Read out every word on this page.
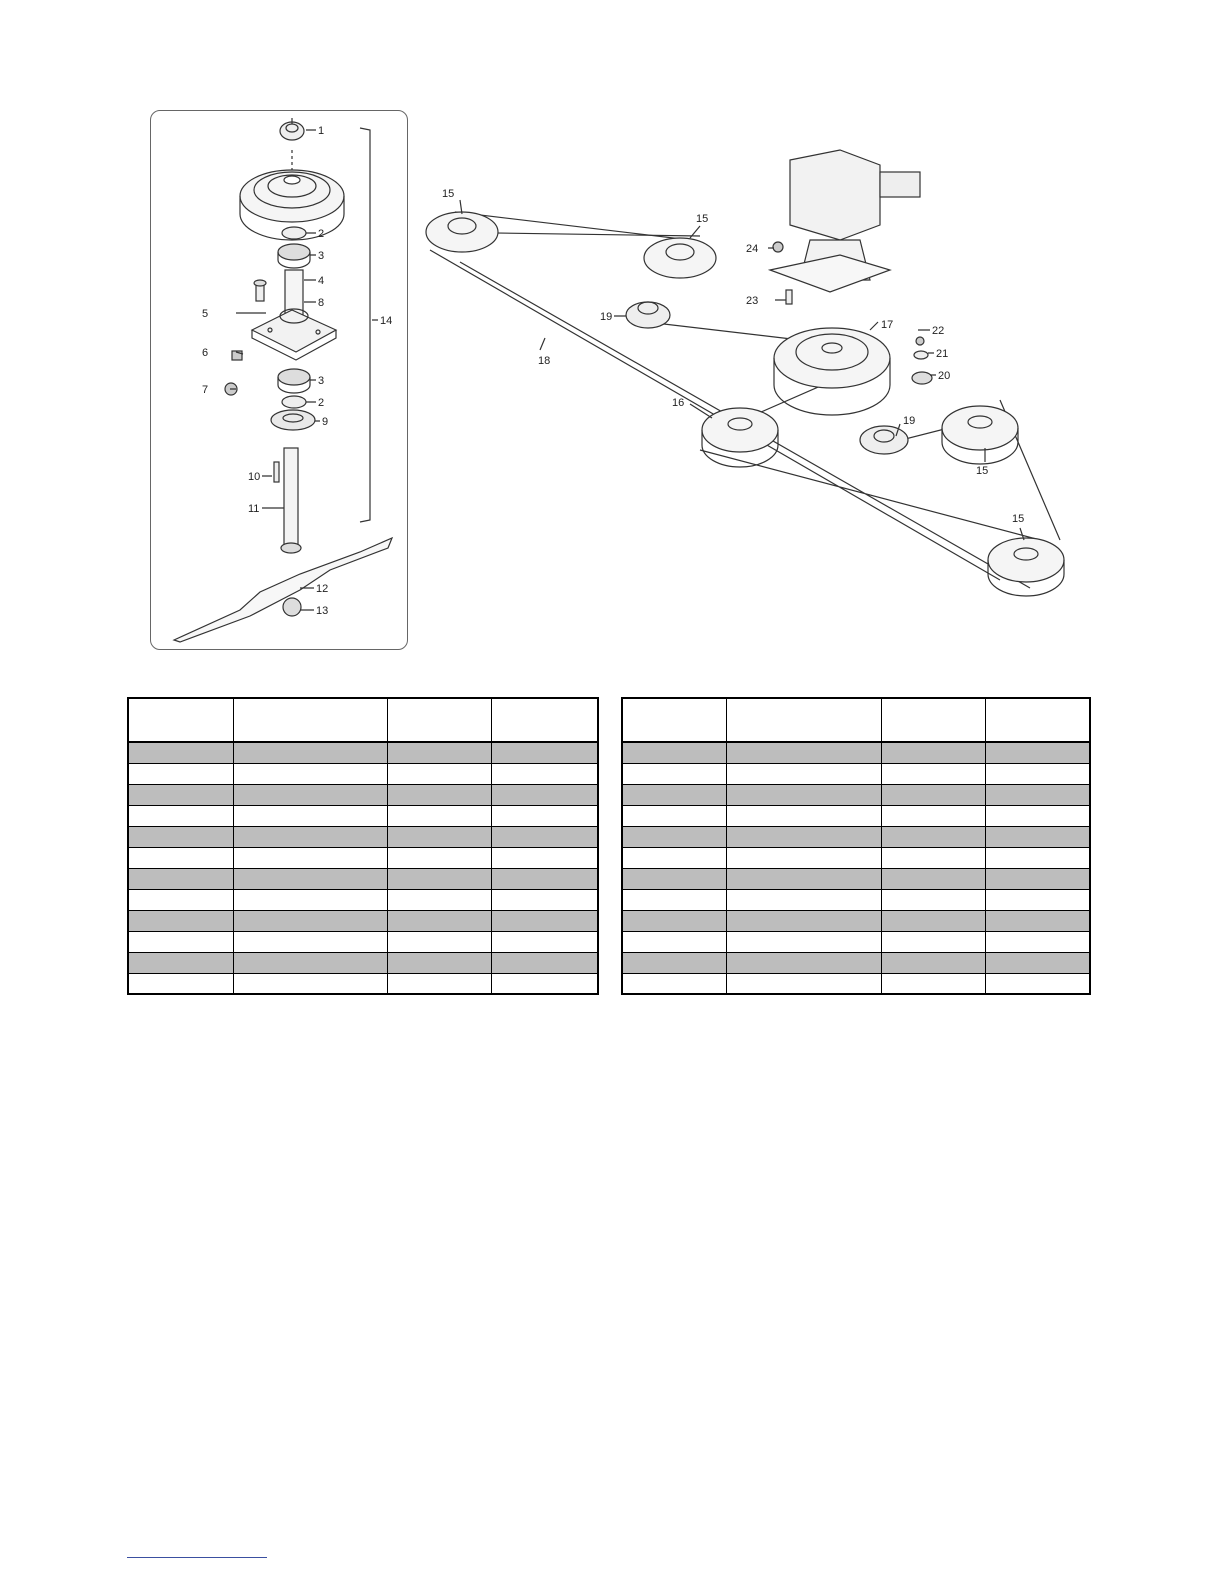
1
2
3
4
5
8
6
7
3
2
9
10
11
12
13
14
15
15
24
23
19
17	22
21
18
20
16
19
15
15
